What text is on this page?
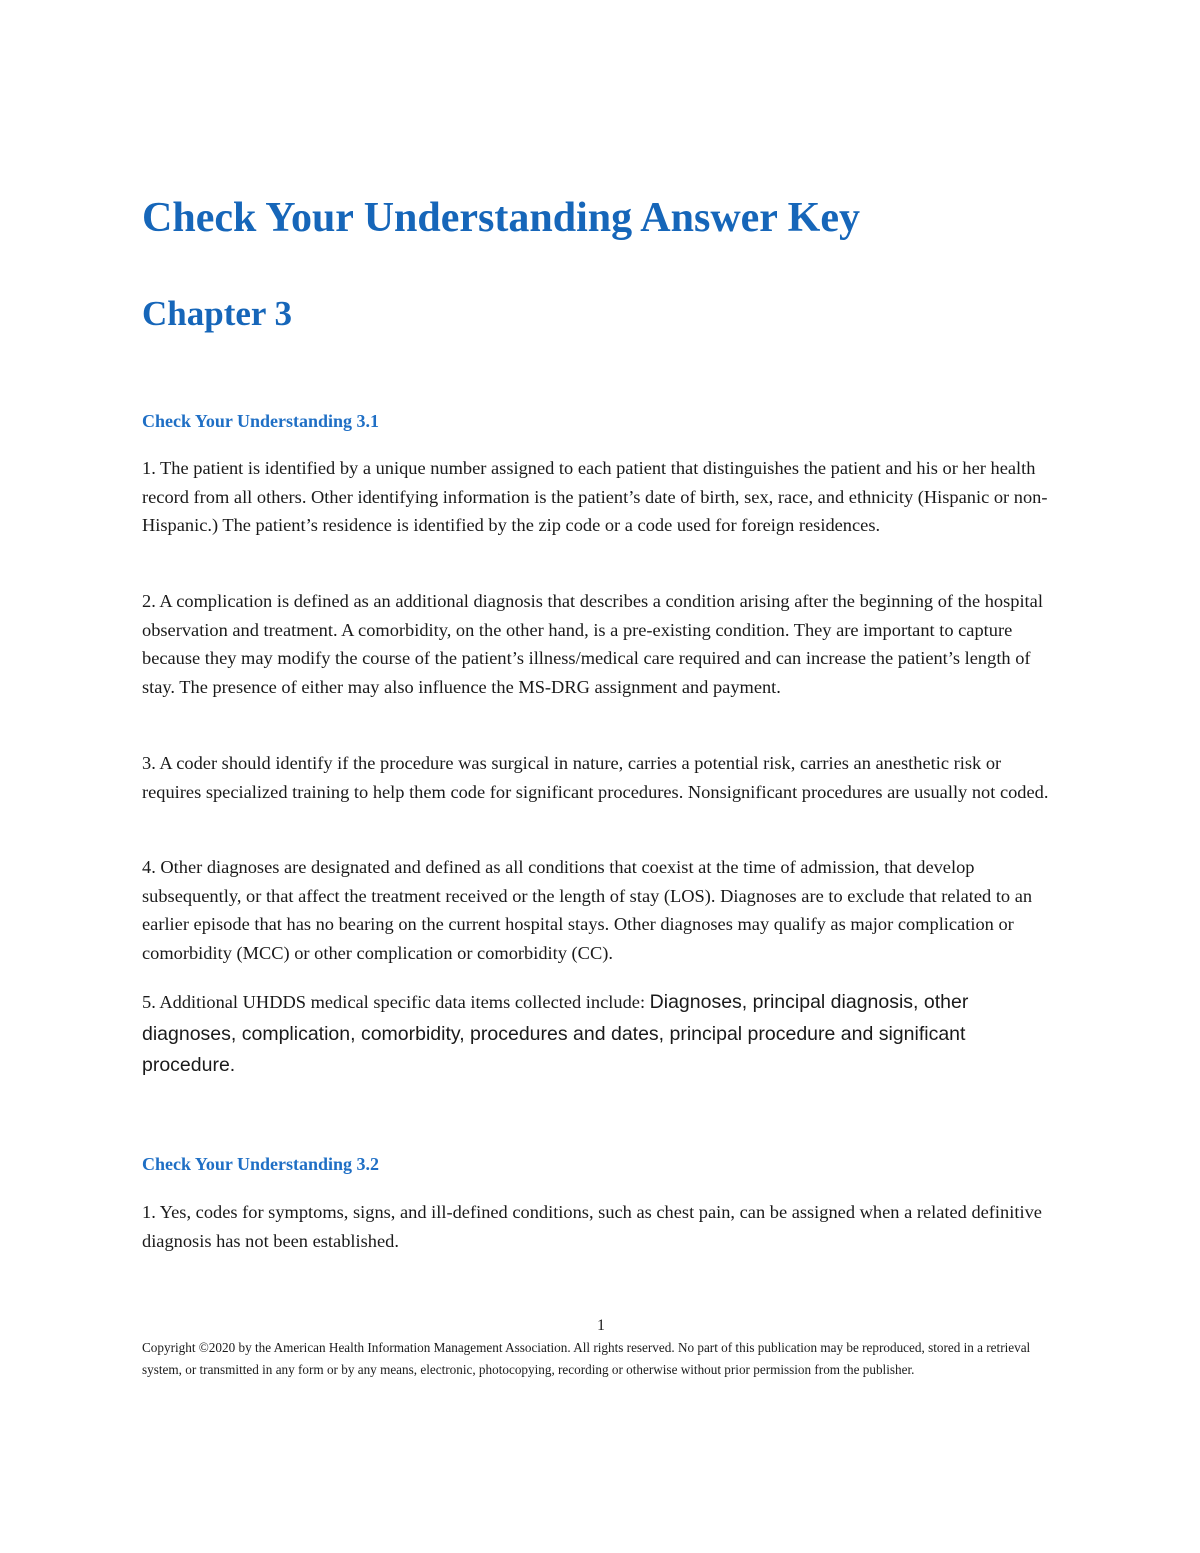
Check Your Understanding Answer Key
Chapter 3
Check Your Understanding 3.1

1. The patient is identified by a unique number assigned to each patient that distinguishes the patient and his or her health record from all others. Other identifying information is the patient’s date of birth, sex, race, and ethnicity (Hispanic or non-Hispanic.) The patient’s residence is identified by the zip code or a code used for foreign residences.

2. A complication is defined as an additional diagnosis that describes a condition arising after the beginning of the hospital observation and treatment. A comorbidity, on the other hand, is a pre-existing condition. They are important to capture because they may modify the course of the patient’s illness/medical care required and can increase the patient’s length of stay. The presence of either may also influence the MS-DRG assignment and payment.

3. A coder should identify if the procedure was surgical in nature, carries a potential risk, carries an anesthetic risk or requires specialized training to help them code for significant procedures. Nonsignificant procedures are usually not coded.

4. Other diagnoses are designated and defined as all conditions that coexist at the time of admission, that develop subsequently, or that affect the treatment received or the length of stay (LOS). Diagnoses are to exclude that related to an earlier episode that has no bearing on the current hospital stays. Other diagnoses may qualify as major complication or comorbidity (MCC) or other complication or comorbidity (CC).

5. Additional UHDDS medical specific data items collected include: Diagnoses, principal diagnosis, other diagnoses, complication, comorbidity, procedures and dates, principal procedure and significant procedure.

Check Your Understanding 3.2

1. Yes, codes for symptoms, signs, and ill-defined conditions, such as chest pain, can be assigned when a related definitive diagnosis has not been established.

1

Copyright ©2020 by the American Health Information Management Association. All rights reserved. No part of this publication may be reproduced, stored in a retrieval system, or transmitted in any form or by any means, electronic, photocopying, recording or otherwise without prior permission from the publisher.
